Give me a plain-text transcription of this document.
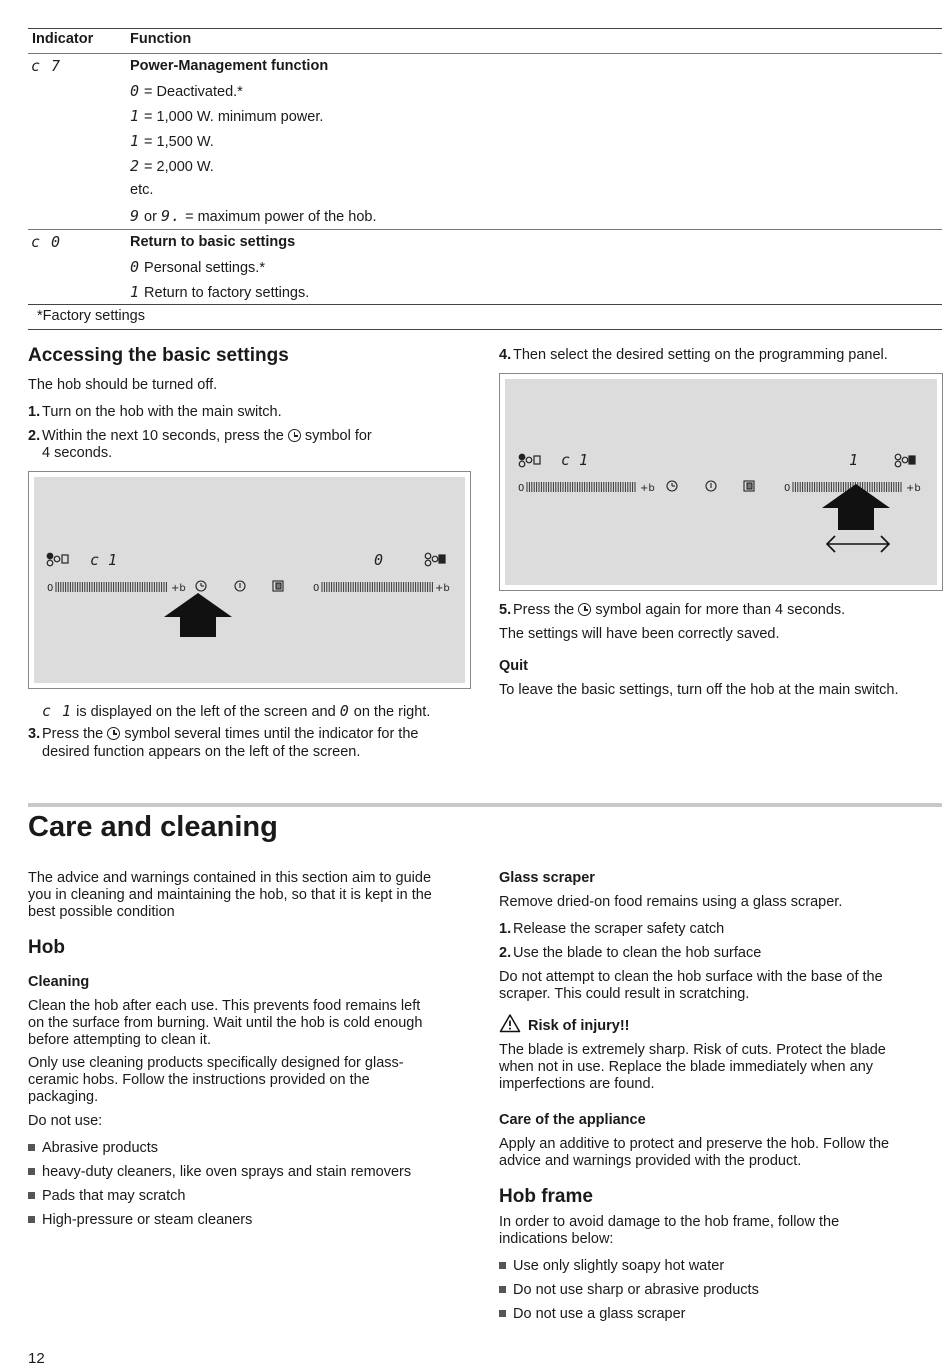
Indicator	Function
c 7	Power-Management function
0 = Deactivated.*
1 = 1,000 W. minimum power.
1 = 1,500 W.
2 = 2,000 W.
etc.
9 or 9. = maximum power of the hob.
c 0	Return to basic settings
0 Personal settings.*
1 Return to factory settings.
*Factory settings
Accessing the basic settings
The hob should be turned off.
1. Turn on the hob with the main switch.
2. Within the next 10 seconds, press the symbol for
4 seconds.
c 1	0
0	+b	0	+b
c 1 is displayed on the left of the screen and 0 on the right.
3. Press the symbol several times until the indicator for the
desired function appears on the left of the screen.
4. Then select the desired setting on the programming panel.
c 1	1
0	+b	0	+b
5. Press the symbol again for more than 4 seconds.
The settings will have been correctly saved.
Quit
To leave the basic settings, turn off the hob at the main switch.
Care and cleaning
The advice and warnings contained in this section aim to guide
you in cleaning and maintaining the hob, so that it is kept in the
best possible condition
Hob
Cleaning
Clean the hob after each use. This prevents food remains left
on the surface from burning. Wait until the hob is cold enough
before attempting to clean it.
Only use cleaning products specifically designed for glass-
ceramic hobs. Follow the instructions provided on the
packaging.
Do not use:
Abrasive products
heavy-duty cleaners, like oven sprays and stain removers
Pads that may scratch
High-pressure or steam cleaners
Glass scraper
Remove dried-on food remains using a glass scraper.
1. Release the scraper safety catch
2. Use the blade to clean the hob surface
Do not attempt to clean the hob surface with the base of the
scraper. This could result in scratching.
Risk of injury!!
The blade is extremely sharp. Risk of cuts. Protect the blade
when not in use. Replace the blade immediately when any
imperfections are found.
Care of the appliance
Apply an additive to protect and preserve the hob. Follow the
advice and warnings provided with the product.
Hob frame
In order to avoid damage to the hob frame, follow the
indications below:
Use only slightly soapy hot water
Do not use sharp or abrasive products
Do not use a glass scraper
12
